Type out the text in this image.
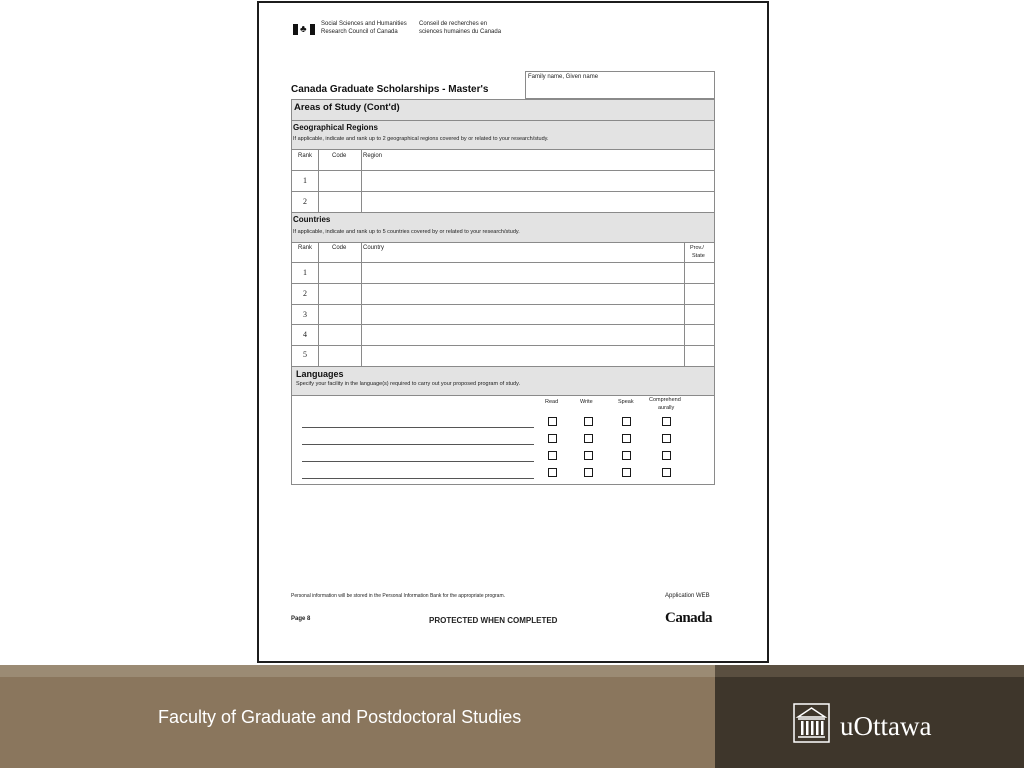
♣ Social Sciences and Humanities
Research Council of Canada
Conseil de recherches en
sciences humaines du Canada
Canada Graduate Scholarships - Master's
Family name, Given name
Areas of Study (Cont'd)
Geographical Regions
If applicable, indicate and rank up to 2 geographical regions covered by or related to your research/study.
Rank	Code	Region
1
2
Countries
If applicable, indicate and rank up to 5 countries covered by or related to your research/study.
Rank	Code	Country	Prov./
State
1
2
3
4
5
Languages
Specify your facility in the language(s) required to carry out your proposed program of study.
Read	Write	Speak	Comprehend
aurally
Personal information will be stored in the Personal Information Bank for the appropriate program.	Application WEB
Page 8	PROTECTED WHEN COMPLETED	Canada
Faculty of Graduate and Postdoctoral Studies	uOttawa
